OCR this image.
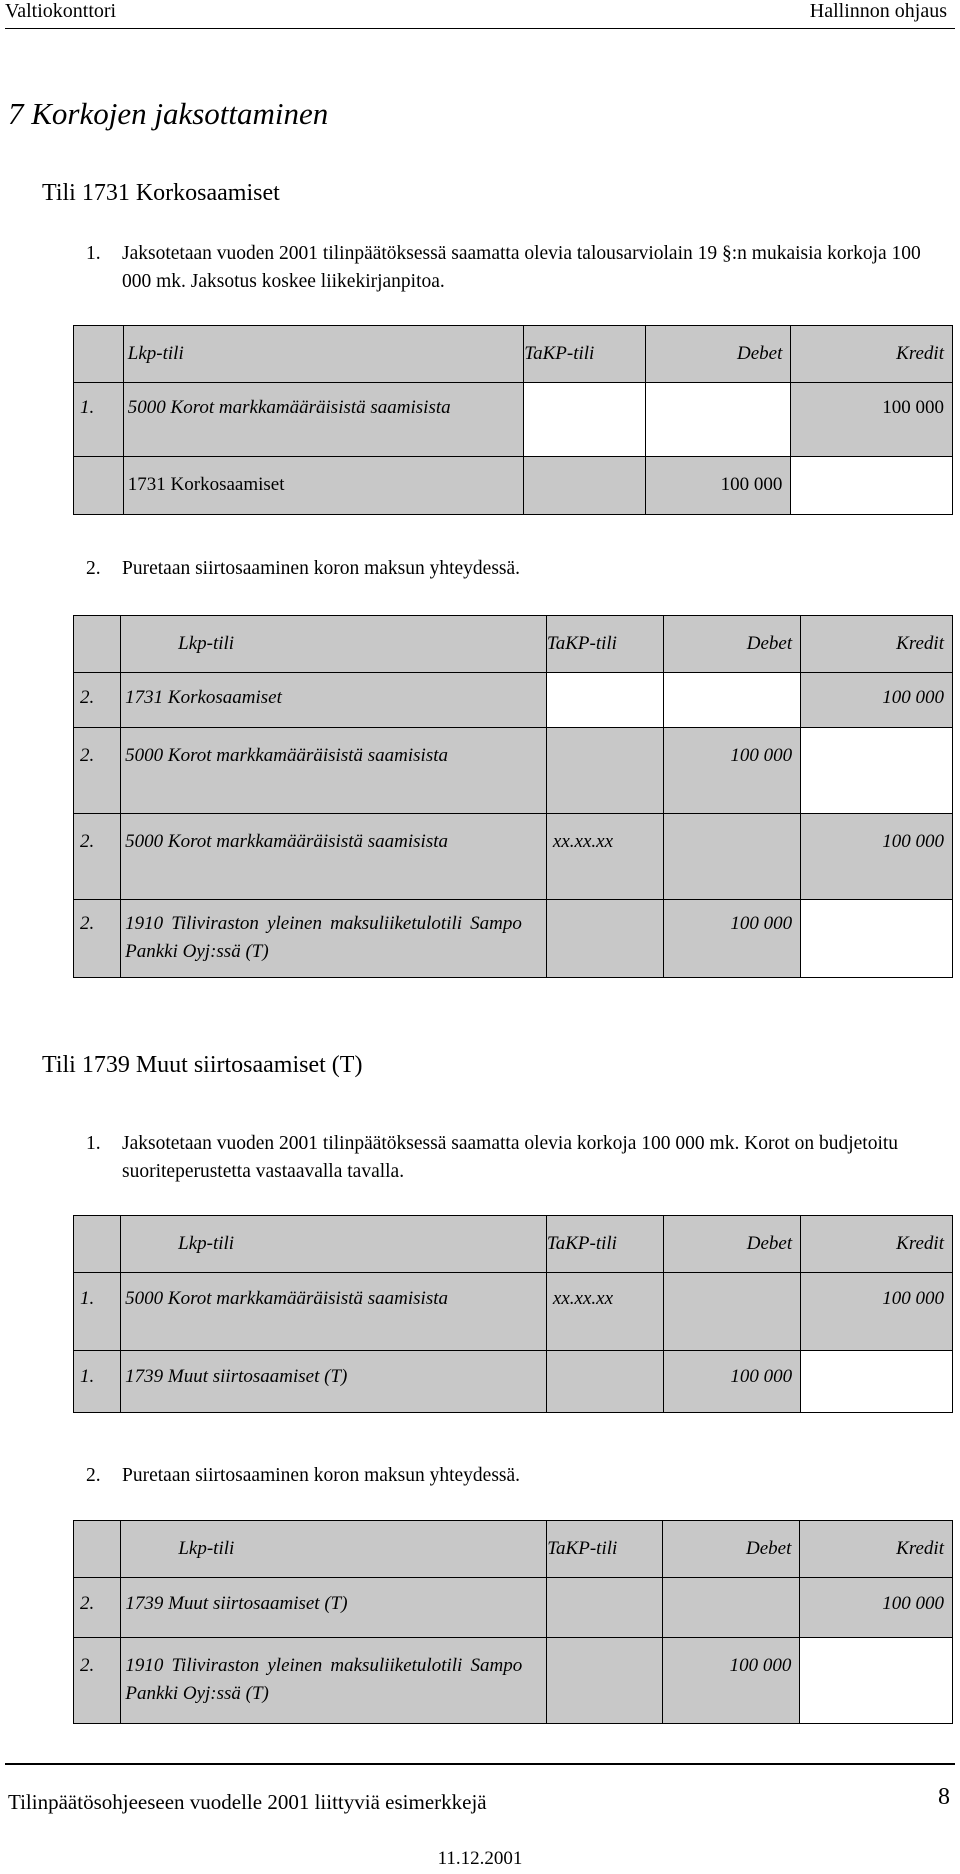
Valtiokonttori	Hallinnon ohjaus
7 Korkojen jaksottaminen
Tili 1731 Korkosaamiset
1. Jaksotetaan vuoden 2001 tilinpäätöksessä saamatta olevia talousarviolain 19 §:n mukaisia korkoja 100 000 mk. Jaksotus koskee liikekirjanpitoa.
	Lkp-tili	TaKP-tili	Debet	Kredit
1.	5000 Korot markkamääräisistä saamisista			100 000
	1731 Korkosaamiset		100 000	
2. Puretaan siirtosaaminen koron maksun yhteydessä.
	Lkp-tili	TaKP-tili	Debet	Kredit
2.	1731 Korkosaamiset			100 000
2.	5000 Korot markkamääräisistä saamisista		100 000	
2.	5000 Korot markkamääräisistä saamisista	xx.xx.xx		100 000
2.	1910 Tiliviraston yleinen maksuliiketulotili Sampo Pankki Oyj:ssä (T)		100 000	
Tili 1739 Muut siirtosaamiset (T)
1. Jaksotetaan vuoden 2001 tilinpäätöksessä saamatta olevia korkoja 100 000 mk. Korot on budjetoitu suoriteperustetta vastaavalla tavalla.
	Lkp-tili	TaKP-tili	Debet	Kredit
1.	5000 Korot markkamääräisistä saamisista	xx.xx.xx		100 000
1.	1739 Muut siirtosaamiset (T)		100 000	
2. Puretaan siirtosaaminen koron maksun yhteydessä.
	Lkp-tili	TaKP-tili	Debet	Kredit
2.	1739 Muut siirtosaamiset (T)			100 000
2.	1910 Tiliviraston yleinen maksuliiketulotili Sampo Pankki Oyj:ssä (T)		100 000	
Tilinpäätösohjeeseen vuodelle 2001 liittyviä esimerkkejä	8
11.12.2001
